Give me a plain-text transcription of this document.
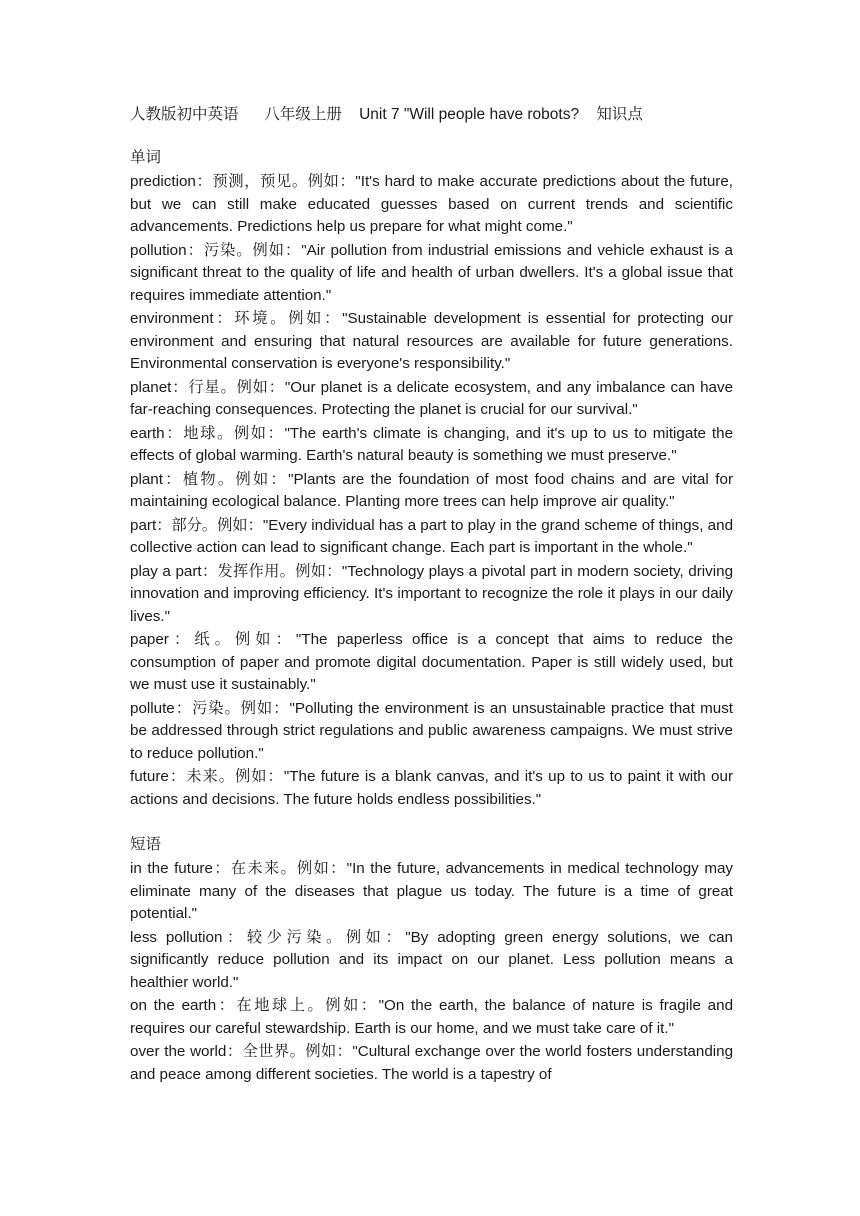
人教版初中英语      八年级上册    Unit 7 "Will people have robots?    知识点
单词

prediction：预测，预见。例如："It's hard to make accurate predictions about the future, but we can still make educated guesses based on current trends and scientific advancements. Predictions help us prepare for what might come."

pollution：污染。例如："Air pollution from industrial emissions and vehicle exhaust is a significant threat to the quality of life and health of urban dwellers. It's a global issue that requires immediate attention."

environment：环境。例如："Sustainable development is essential for protecting our environment and ensuring that natural resources are available for future generations. Environmental conservation is everyone's responsibility."

planet：行星。例如："Our planet is a delicate ecosystem, and any imbalance can have far-reaching consequences. Protecting the planet is crucial for our survival."

earth：地球。例如："The earth's climate is changing, and it's up to us to mitigate the effects of global warming. Earth's natural beauty is something we must preserve."

plant：植物。例如："Plants are the foundation of most food chains and are vital for maintaining ecological balance. Planting more trees can help improve air quality."

part：部分。例如："Every individual has a part to play in the grand scheme of things, and collective action can lead to significant change. Each part is important in the whole."

play a part：发挥作用。例如："Technology plays a pivotal part in modern society, driving innovation and improving efficiency. It's important to recognize the role it plays in our daily lives."

paper：纸。例如："The paperless office is a concept that aims to reduce the consumption of paper and promote digital documentation. Paper is still widely used, but we must use it sustainably."

pollute：污染。例如："Polluting the environment is an unsustainable practice that must be addressed through strict regulations and public awareness campaigns. We must strive to reduce pollution."

future：未来。例如："The future is a blank canvas, and it's up to us to paint it with our actions and decisions. The future holds endless possibilities."

短语

in the future：在未来。例如："In the future, advancements in medical technology may eliminate many of the diseases that plague us today. The future is a time of great potential."

less pollution：较少污染。例如："By adopting green energy solutions, we can significantly reduce pollution and its impact on our planet. Less pollution means a healthier world."

on the earth：在地球上。例如："On the earth, the balance of nature is fragile and requires our careful stewardship. Earth is our home, and we must take care of it."

over the world：全世界。例如："Cultural exchange over the world fosters understanding and peace among different societies. The world is a tapestry of
